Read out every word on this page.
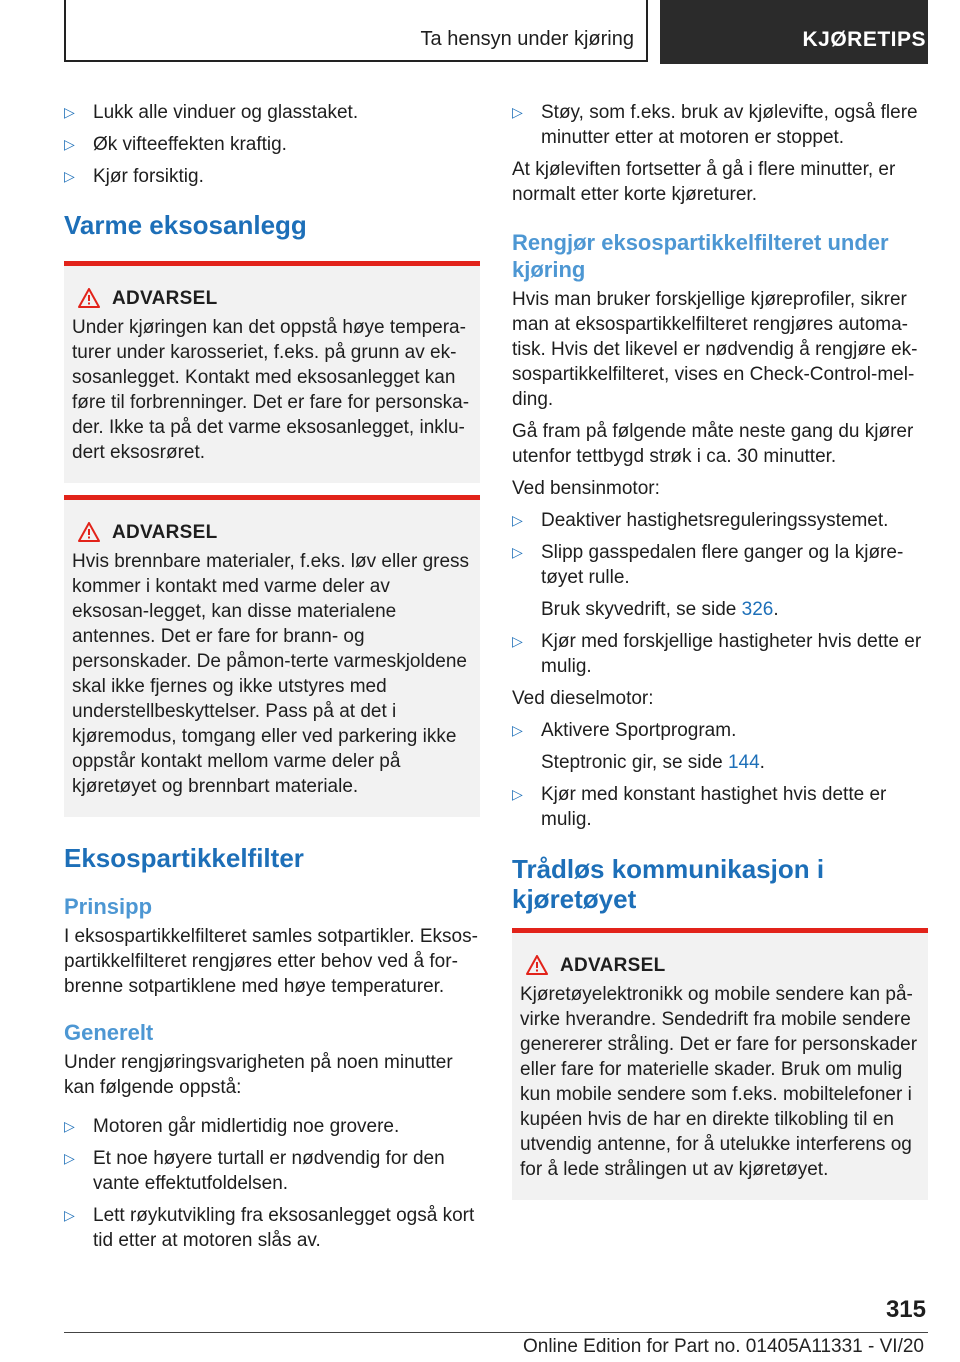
Ta hensyn under kjøring	KJØRETIPS
▷ Lukk alle vinduer og glasstaket.
▷ Øk vifteeffekten kraftig.
▷ Kjør forsiktig.
Varme eksosanlegg
ADVARSEL

Under kjøringen kan det oppstå høye tempera-turer under karosseriet, f.eks. på grunn av ek-sosanlegget. Kontakt med eksosanlegget kan føre til forbrenninger. Det er fare for personska-der. Ikke ta på det varme eksosanlegget, inklu-dert eksosrøret.

ADVARSEL

Hvis brennbare materialer, f.eks. løv eller gress kommer i kontakt med varme deler av eksosan-legget, kan disse materialene antennes. Det er fare for brann- og personskader. De påmon-terte varmeskjoldene skal ikke fjernes og ikke utstyres med understellbeskyttelser. Pass på at det i kjøremodus, tomgang eller ved parkering ikke oppstår kontakt mellom varme deler på kjøretøyet og brennbart materiale.

Eksospartikkelfilter
Prinsipp

I eksospartikkelfilteret samles sotpartikler. Eksos-partikkelfilteret rengjøres etter behov ved å for-brenne sotpartiklene med høye temperaturer.

Generelt

Under rengjøringsvarigheten på noen minutter kan følgende oppstå:

▷ Motoren går midlertidig noe grovere.
▷ Et noe høyere turtall er nødvendig for den vante effektutfoldelsen.
▷ Lett røykutvikling fra eksosanlegget også kort tid etter at motoren slås av.
▷ Støy, som f.eks. bruk av kjølevifte, også flere minutter etter at motoren er stoppet.

At kjøleviften fortsetter å gå i flere minutter, er normalt etter korte kjøreturer.

Rengjør eksospartikkelfilteret under kjøring

Hvis man bruker forskjellige kjøreprofiler, sikrer man at eksospartikkelfilteret rengjøres automa-tisk. Hvis det likevel er nødvendig å rengjøre ek-sospartikkelfilteret, vises en Check-Control-mel-ding.

Gå fram på følgende måte neste gang du kjører utenfor tettbygd strøk i ca. 30 minutter.

Ved bensinmotor:

▷ Deaktiver hastighetsreguleringssystemet.
▷ Slipp gasspedalen flere ganger og la kjøre-tøyet rulle.
Bruk skyvedrift, se side 326.
▷ Kjør med forskjellige hastigheter hvis dette er mulig.

Ved dieselmotor:

▷ Aktivere Sportprogram.
Steptronic gir, se side 144.
▷ Kjør med konstant hastighet hvis dette er mulig.
Trådløs kommunikasjon i kjøretøyet
ADVARSEL

Kjøretøyelektronikk og mobile sendere kan på-virke hverandre. Sendedrift fra mobile sendere genererer stråling. Det er fare for personskader eller fare for materielle skader. Bruk om mulig kun mobile sendere som f.eks. mobiltelefoner i kupéen hvis de har en direkte tilkobling til en utvendig antenne, for å utelukke interferens og for å lede strålingen ut av kjøretøyet.

315
Online Edition for Part no. 01405A11331 - VI/20
